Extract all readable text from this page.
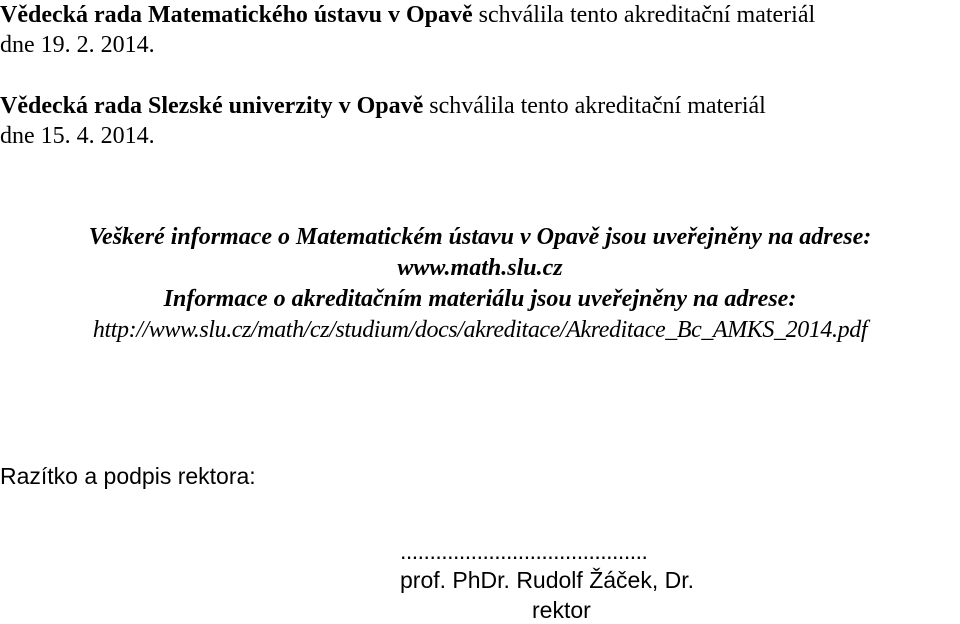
Vědecká rada Matematického ústavu v Opavě schválila tento akreditační materiál
dne 19. 2. 2014.
Vědecká rada Slezské univerzity v Opavě schválila tento akreditační materiál
dne 15. 4. 2014.
Veškeré informace o Matematickém ústavu v Opavě jsou uveřejněny na adrese:
www.math.slu.cz
Informace o akreditačním materiálu jsou uveřejněny na adrese:
http://www.slu.cz/math/cz/studium/docs/akreditace/Akreditace_Bc_AMKS_2014.pdf
Razítko a podpis rektora:
..........................................
prof. PhDr. Rudolf Žáček, Dr.
rektor
